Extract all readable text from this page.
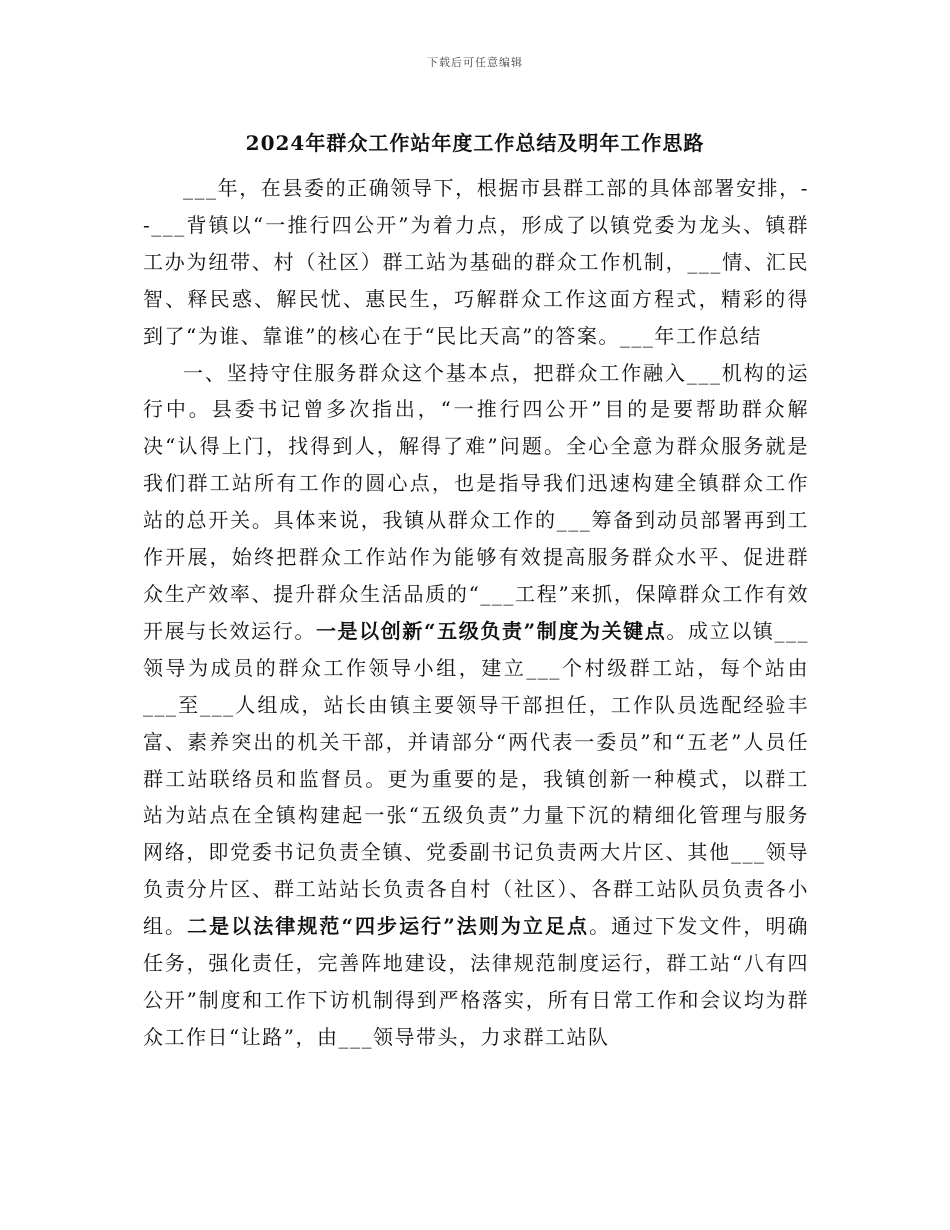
下载后可任意编辑
2024年群众工作站年度工作总结及明年工作思路

___年，在县委的正确领导下，根据市县群工部的具体部署安排，--___背镇以“一推行四公开”为着力点，形成了以镇党委为龙头、镇群工办为纽带、村（社区）群工站为基础的群众工作机制，___情、汇民智、释民惑、解民忧、惠民生，巧解群众工作这面方程式，精彩的得到了“为谁、靠谁”的核心在于“民比天高”的答案。___年工作总结

一、坚持守住服务群众这个基本点，把群众工作融入___机构的运行中。县委书记曾多次指出，“一推行四公开”目的是要帮助群众解决“认得上门，找得到人，解得了难”问题。全心全意为群众服务就是我们群工站所有工作的圆心点，也是指导我们迅速构建全镇群众工作站的总开关。具体来说，我镇从群众工作的___筹备到动员部署再到工作开展，始终把群众工作站作为能够有效提高服务群众水平、促进群众生产效率、提升群众生活品质的“___工程”来抓，保障群众工作有效开展与长效运行。一是以创新“五级负责”制度为关键点。成立以镇___领导为成员的群众工作领导小组，建立___个村级群工站，每个站由___至___人组成，站长由镇主要领导干部担任，工作队员选配经验丰富、素养突出的机关干部，并请部分“两代表一委员”和“五老”人员任群工站联络员和监督员。更为重要的是，我镇创新一种模式，以群工站为站点在全镇构建起一张“五级负责”力量下沉的精细化管理与服务网络，即党委书记负责全镇、党委副书记负责两大片区、其他___领导负责分片区、群工站站长负责各自村（社区）、各群工站队员负责各小组。二是以法律规范“四步运行”法则为立足点。通过下发文件，明确任务，强化责任，完善阵地建设，法律规范制度运行，群工站“八有四公开”制度和工作下访机制得到严格落实，所有日常工作和会议均为群众工作日“让路”，由___领导带头，力求群工站队
